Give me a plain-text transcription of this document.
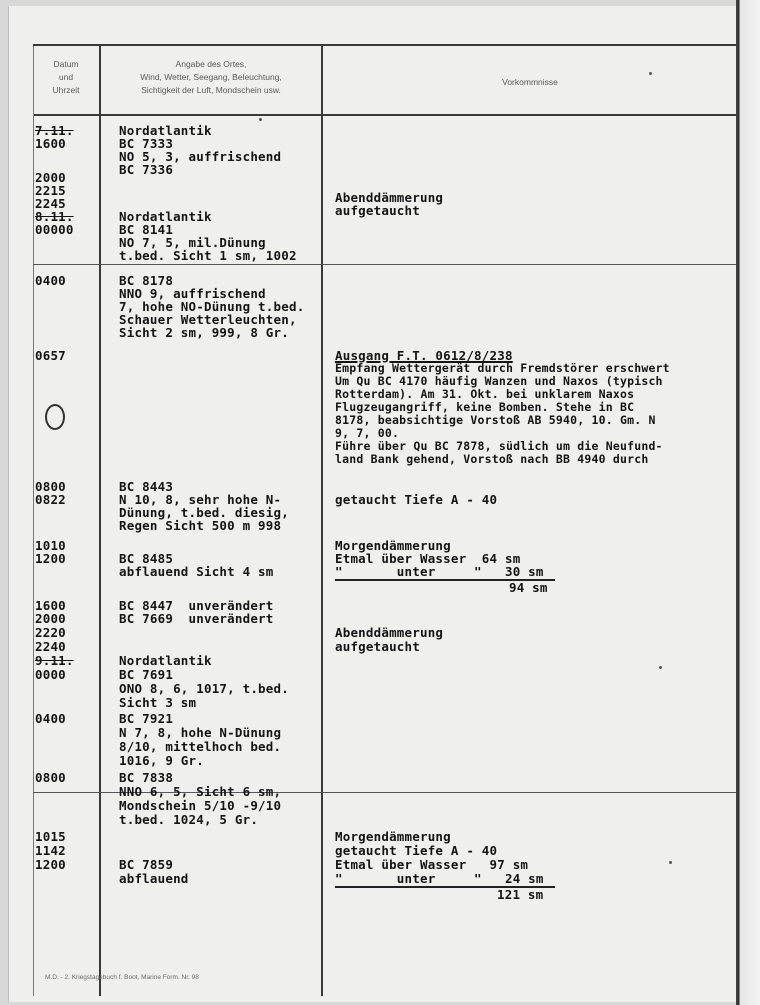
Datum
und
Uhrzeit
Angabe des Ortes,
Wind, Wetter, Seegang, Beleuchtung,
Sichtigkeit der Luft, Mondschein usw.
Vorkommnisse
7.11.
1600
2000
2215
2245
8.11.
00000
0400
0657
0800
0822
1010
1200
1600
2000
2220
2240
9.11.
0000
0400
0800
1015
1142
1200
Nordatlantik
BC 7333
NO 5, 3, auffrischend
BC 7336
Nordatlantik
BC 8141
NO 7, 5, mil.Dünung
t.bed. Sicht 1 sm, 1002
BC 8178
NNO 9, auffrischend
7, hohe NO-Dünung t.bed.
Schauer Wetterleuchten,
Sicht 2 sm, 999, 8 Gr.
BC 8443
N 10, 8, sehr hohe N-
Dünung, t.bed. diesig,
Regen Sicht 500 m 998
BC 8485
abflauend Sicht 4 sm
BC 8447  unverändert
BC 7669  unverändert
Nordatlantik
BC 7691
ONO 8, 6, 1017, t.bed.
Sicht 3 sm
BC 7921
N 7, 8, hohe N-Dünung
8/10, mittelhoch bed.
1016, 9 Gr.
BC 7838
NNO 6, 5, Sicht 6 sm,
Mondschein 5/10 -9/10
t.bed. 1024, 5 Gr.
BC 7859
abflauend
Abenddämmerung
aufgetaucht
Ausgang F.T. 0612/8/238
Empfang Wettergerät durch Fremdstörer erschwert
Um Qu BC 4170 häufig Wanzen und Naxos (typisch
Rotterdam). Am 31. Okt. bei unklarem Naxos
Flugzeugangriff, keine Bomben. Stehe in BC
8178, beabsichtige Vorstoß AB 5940, 10. Gm. N
9, 7, 00.
Führe über Qu BC 7878, südlich um die Neufund-
land Bank gehend, Vorstoß nach BB 4940 durch
getaucht Tiefe A - 40
Morgendämmerung
Etmal über Wasser  64 sm
"       unter     "   30 sm
94 sm
Abenddämmerung
aufgetaucht
Morgendämmerung
getaucht Tiefe A - 40
Etmal über Wasser   97 sm
"       unter     "   24 sm
121 sm
M.D. - 2. Kriegstagebuch f. Boot, Marine Form. Nr. 98
